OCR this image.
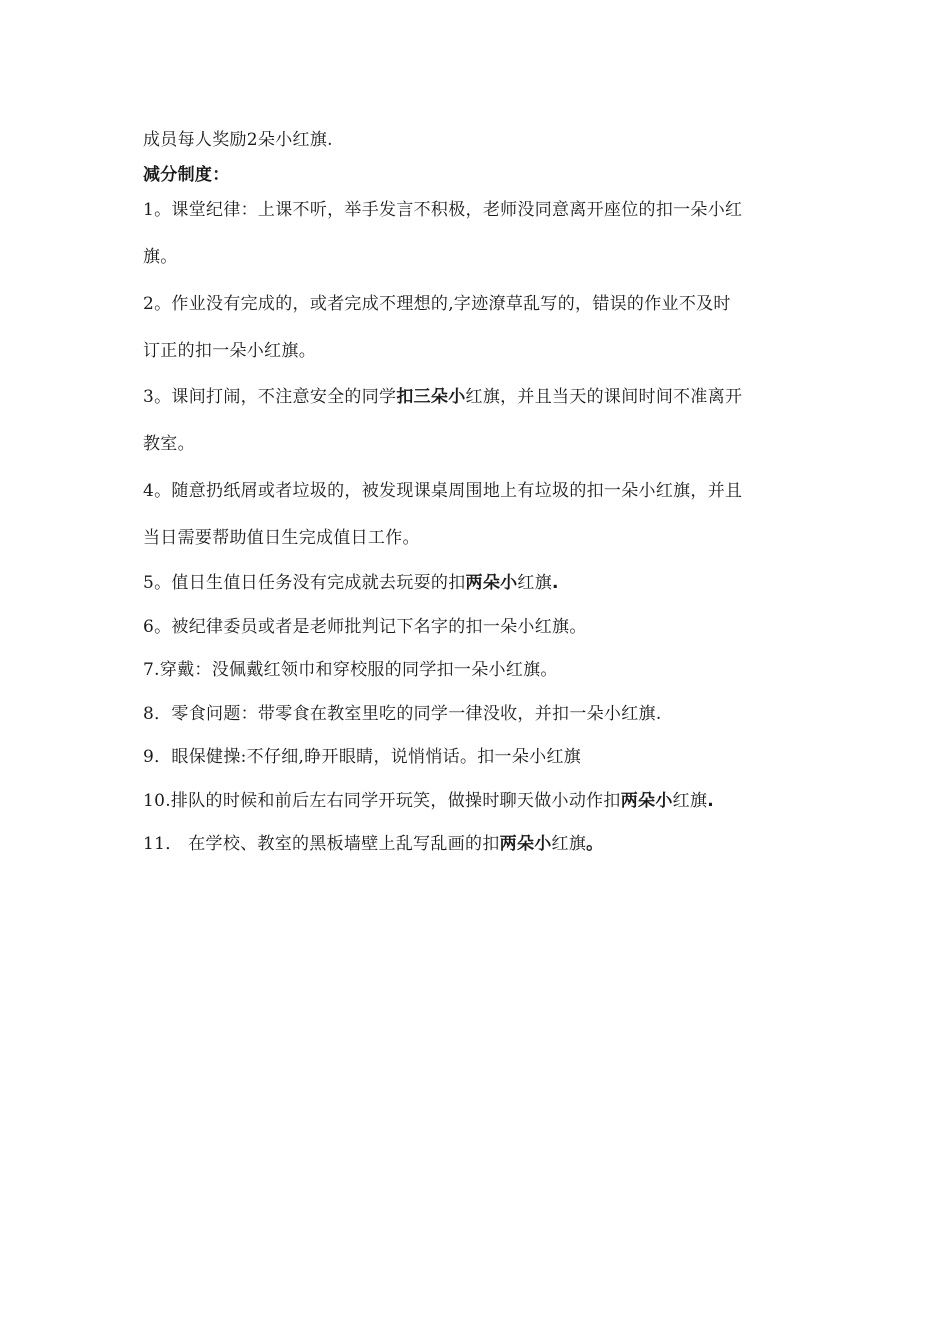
成员每人奖励2朵小红旗.
减分制度：
1。课堂纪律：上课不听，举手发言不积极，老师没同意离开座位的扣一朵小红
旗。
2。作业没有完成的，或者完成不理想的,字迹潦草乱写的，错误的作业不及时
订正的扣一朵小红旗。
3。课间打闹，不注意安全的同学扣三朵小红旗，并且当天的课间时间不准离开
教室。
4。随意扔纸屑或者垃圾的，被发现课桌周围地上有垃圾的扣一朵小红旗，并且
当日需要帮助值日生完成值日工作。
5。值日生值日任务没有完成就去玩耍的扣两朵小红旗.
6。被纪律委员或者是老师批判记下名字的扣一朵小红旗。
7.穿戴：没佩戴红领巾和穿校服的同学扣一朵小红旗。
8．零食问题：带零食在教室里吃的同学一律没收，并扣一朵小红旗.
9．眼保健操:不仔细,睁开眼睛，说悄悄话。扣一朵小红旗
10.排队的时候和前后左右同学开玩笑，做操时聊天做小动作扣两朵小红旗.
11． 在学校、教室的黑板墙壁上乱写乱画的扣两朵小红旗。
